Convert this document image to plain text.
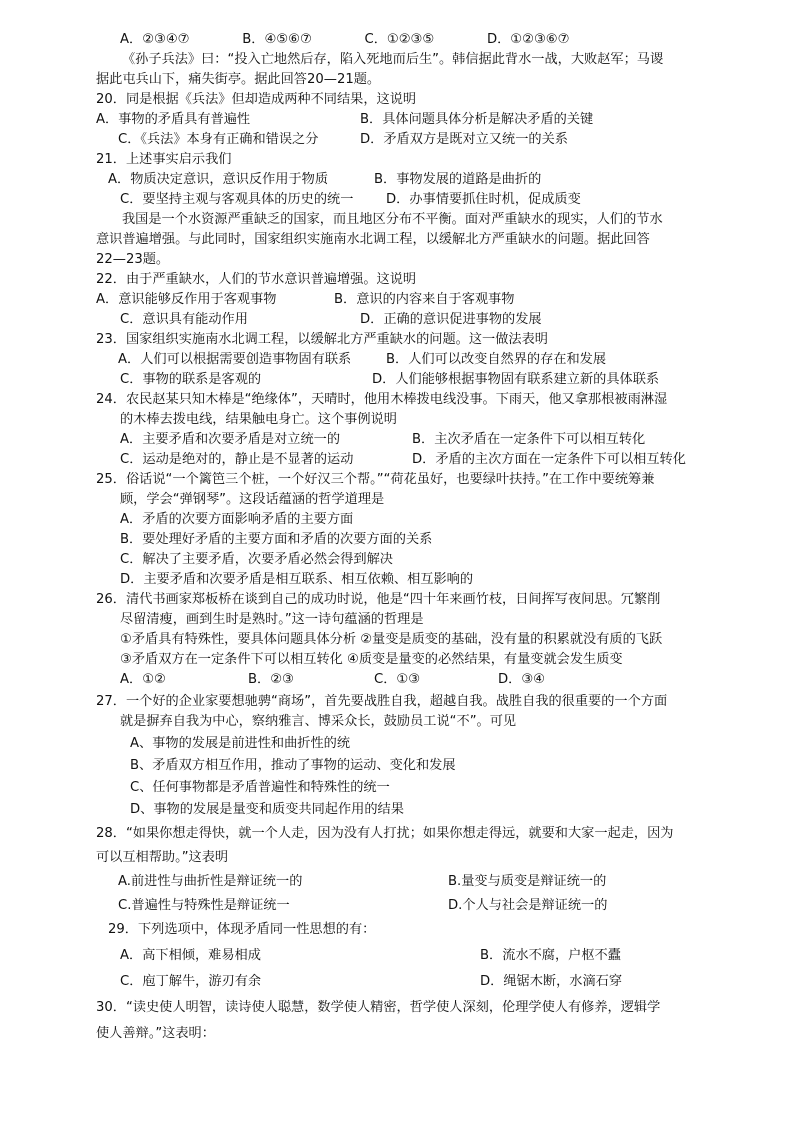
A．②③④⑦　　　　B．④⑤⑥⑦　　　　C．①②③⑤　　　　D．①②③⑥⑦
《孙子兵法》曰：“投入亡地然后存，陷入死地而后生”。韩信据此背水一战，大败赵军；马谡
据此屯兵山下，痛失街亭。据此回答20—21题。
20．同是根据《兵法》但却造成两种不同结果，这说明
A．事物的矛盾具有普遍性	B．具体问题具体分析是解决矛盾的关键
C．《兵法》本身有正确和错误之分	D．矛盾双方是既对立又统一的关系
21．上述事实启示我们
A．物质决定意识，意识反作用于物质	B．事物发展的道路是曲折的
C．要坚持主观与客观具体的历史的统一 D．办事情要抓住时机，促成质变
我国是一个水资源严重缺乏的国家，而且地区分布不平衡。面对严重缺水的现实，人们的节水
意识普遍增强。与此同时，国家组织实施南水北调工程，以缓解北方严重缺水的问题。据此回答
22—23题。
22．由于严重缺水，人们的节水意识普遍增强。这说明
A．意识能够反作用于客观事物	B．意识的内容来自于客观事物
C．意识具有能动作用	D．正确的意识促进事物的发展
23．国家组织实施南水北调工程，以缓解北方严重缺水的问题。这一做法表明
A．人们可以根据需要创造事物固有联系	B．人们可以改变自然界的存在和发展
C．事物的联系是客观的	D．人们能够根据事物固有联系建立新的具体联系
24．农民赵某只知木棒是“绝缘体”，天晴时，他用木棒拨电线没事。下雨天，他又拿那根被雨淋湿
的木棒去拨电线，结果触电身亡。这个事例说明
A．主要矛盾和次要矛盾是对立统一的	B．主次矛盾在一定条件下可以相互转化
C．运动是绝对的，静止是不显著的运动	D．矛盾的主次方面在一定条件下可以相互转化
25．俗话说“一个篱笆三个桩，一个好汉三个帮。”“荷花虽好，也要绿叶扶持。”在工作中要统筹兼
顾，学会“弹钢琴”。这段话蕴涵的哲学道理是
A．矛盾的次要方面影响矛盾的主要方面
B．要处理好矛盾的主要方面和矛盾的次要方面的关系
C．解决了主要矛盾，次要矛盾必然会得到解决
D．主要矛盾和次要矛盾是相互联系、相互依赖、相互影响的
26．清代书画家郑板桥在谈到自己的成功时说，他是“四十年来画竹枝，日间挥写夜间思。冗繁削
尽留清瘦，画到生时是熟时。”这一诗句蕴涵的哲理是
①矛盾具有特殊性，要具体问题具体分析 ②量变是质变的基础，没有量的积累就没有质的飞跃
③矛盾双方在一定条件下可以相互转化 ④质变是量变的必然结果，有量变就会发生质变
A．①②	B．②③	C．①③	D．③④
27．一个好的企业家要想驰骋“商场”，首先要战胜自我，超越自我。战胜自我的很重要的一个方面
就是摒弃自我为中心，察纳雅言、博采众长，鼓励员工说“不”。可见
A、事物的发展是前进性和曲折性的统
B、矛盾双方相互作用，推动了事物的运动、变化和发展
C、任何事物都是矛盾普遍性和特殊性的统一
D、事物的发展是量变和质变共同起作用的结果
28．“如果你想走得快，就一个人走，因为没有人打扰；如果你想走得远，就要和大家一起走，因为
可以互相帮助。”这表明
A.前进性与曲折性是辩证统一的	B.量变与质变是辩证统一的
C.普遍性与特殊性是辩证统一	D.个人与社会是辩证统一的
29．下列选项中，体现矛盾同一性思想的有：
A．高下相倾，难易相成	B．流水不腐，户枢不蠹
C．庖丁解牛，游刃有余	D．绳锯木断，水滴石穿
30．“读史使人明智，读诗使人聪慧，数学使人精密，哲学使人深刻，伦理学使人有修养，逻辑学
使人善辩。”这表明：
